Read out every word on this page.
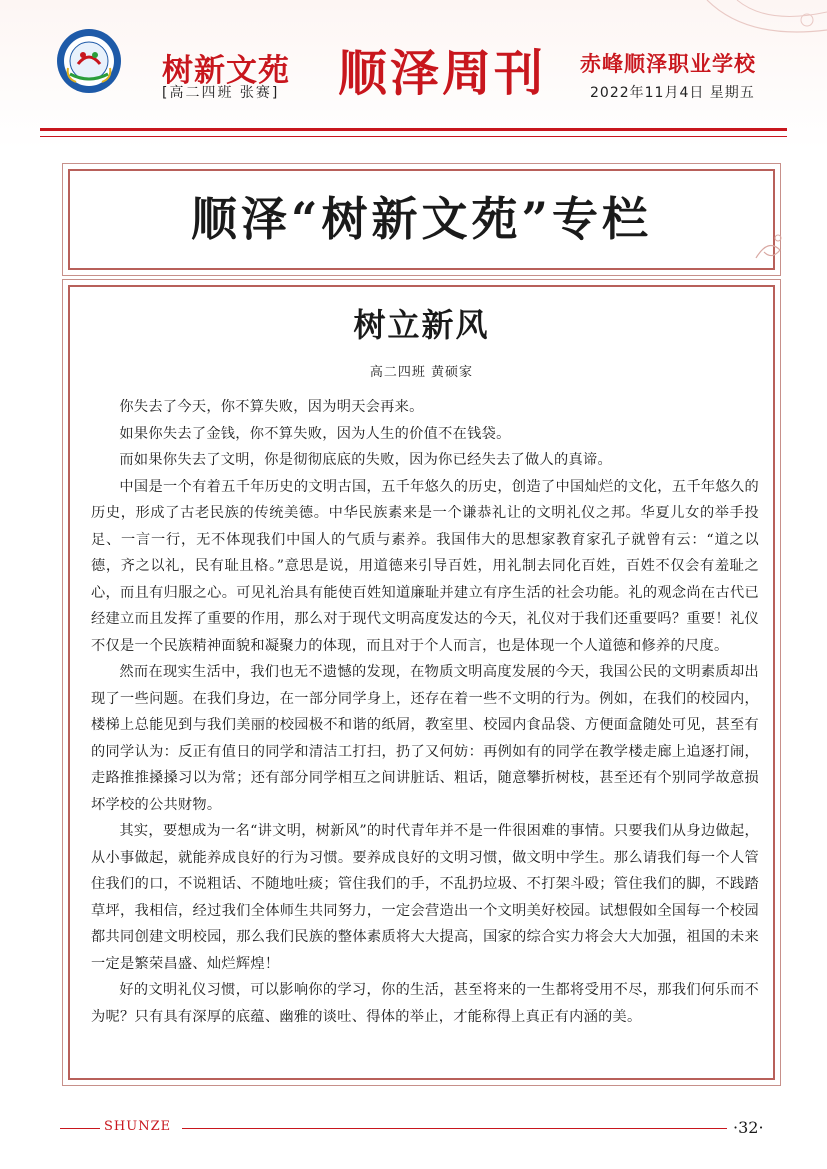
树新文苑
[高二四班 张赛] 顺泽周刊 赤峰顺泽职业学校
2022年11月4日 星期五
顺泽“树新文苑”专栏
树立新风
高二四班 黄硕家

你失去了今天，你不算失败，因为明天会再来。

如果你失去了金钱，你不算失败，因为人生的价值不在钱袋。

而如果你失去了文明，你是彻彻底底的失败，因为你已经失去了做人的真谛。

中国是一个有着五千年历史的文明古国，五千年悠久的历史，创造了中国灿烂的文化，五千年悠久的历史，形成了古老民族的传统美德。中华民族素来是一个谦恭礼让的文明礼仪之邦。华夏儿女的举手投足、一言一行，无不体现我们中国人的气质与素养。我国伟大的思想家教育家孔子就曾有云：“道之以德，齐之以礼，民有耻且格。”意思是说，用道德来引导百姓，用礼制去同化百姓，百姓不仅会有羞耻之心，而且有归服之心。可见礼治具有能使百姓知道廉耻并建立有序生活的社会功能。礼的观念尚在古代已经建立而且发挥了重要的作用，那么对于现代文明高度发达的今天，礼仪对于我们还重要吗？重要！礼仪不仅是一个民族精神面貌和凝聚力的体现，而且对于个人而言，也是体现一个人道德和修养的尺度。

然而在现实生活中，我们也无不遗憾的发现，在物质文明高度发展的今天，我国公民的文明素质却出现了一些问题。在我们身边，在一部分同学身上，还存在着一些不文明的行为。例如，在我们的校园内，楼梯上总能见到与我们美丽的校园极不和谐的纸屑，教室里、校园内食品袋、方便面盒随处可见，甚至有的同学认为：反正有值日的同学和清洁工打扫，扔了又何妨：再例如有的同学在教学楼走廊上追逐打闹，走路推推搡搡习以为常；还有部分同学相互之间讲脏话、粗话，随意攀折树枝，甚至还有个别同学故意损坏学校的公共财物。

其实，要想成为一名“讲文明，树新风”的时代青年并不是一件很困难的事情。只要我们从身边做起，从小事做起，就能养成良好的行为习惯。要养成良好的文明习惯，做文明中学生。那么请我们每一个人管住我们的口，不说粗话、不随地吐痰；管住我们的手，不乱扔垃圾、不打架斗殴；管住我们的脚，不践踏草坪，我相信，经过我们全体师生共同努力，一定会营造出一个文明美好校园。试想假如全国每一个校园都共同创建文明校园，那么我们民族的整体素质将大大提高，国家的综合实力将会大大加强，祖国的未来一定是繁荣昌盛、灿烂辉煌！

好的文明礼仪习惯，可以影响你的学习，你的生活，甚至将来的一生都将受用不尽，那我们何乐而不为呢？只有具有深厚的底蕴、幽雅的谈吐、得体的举止，才能称得上真正有内涵的美。

SHUNZE	·32·
